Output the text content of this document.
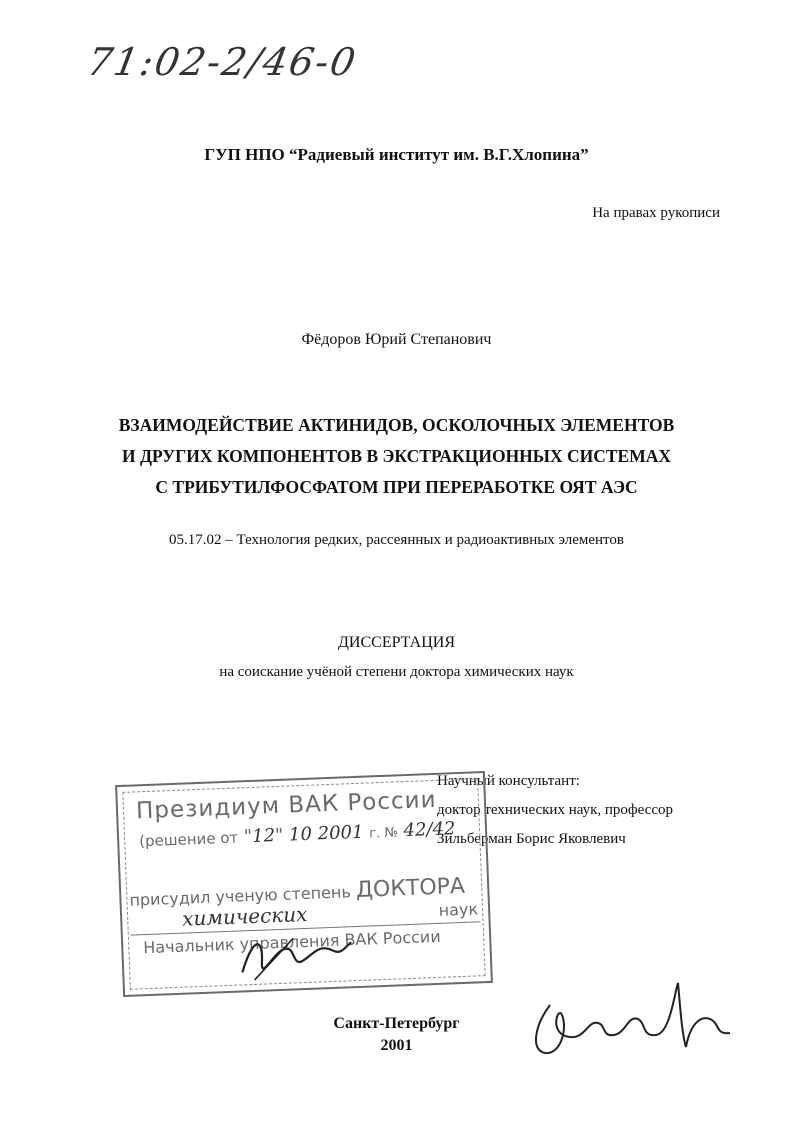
71:02-2/46-0
ГУП НПО “Радиевый институт им. В.Г.Хлопина”
На правах рукописи
Фёдоров Юрий Степанович
ВЗАИМОДЕЙСТВИЕ АКТИНИДОВ, ОСКОЛОЧНЫХ ЭЛЕМЕНТОВ
И ДРУГИХ КОМПОНЕНТОВ В ЭКСТРАКЦИОННЫХ СИСТЕМАХ
С ТРИБУТИЛФОСФАТОМ ПРИ ПЕРЕРАБОТКЕ ОЯТ АЭС
05.17.02 – Технология редких, рассеянных и радиоактивных элементов
ДИССЕРТАЦИЯ
на соискание учёной степени доктора химических наук
Научный консультант:
доктор технических наук, профессор
Зильберман Борис Яковлевич
Президиум ВАК России
(решение от "12" 10 2001 г. № 42/42
присудил ученую степень ДОКТОРА
наук
химических
Начальник управления ВАК России
Санкт-Петербург
2001
